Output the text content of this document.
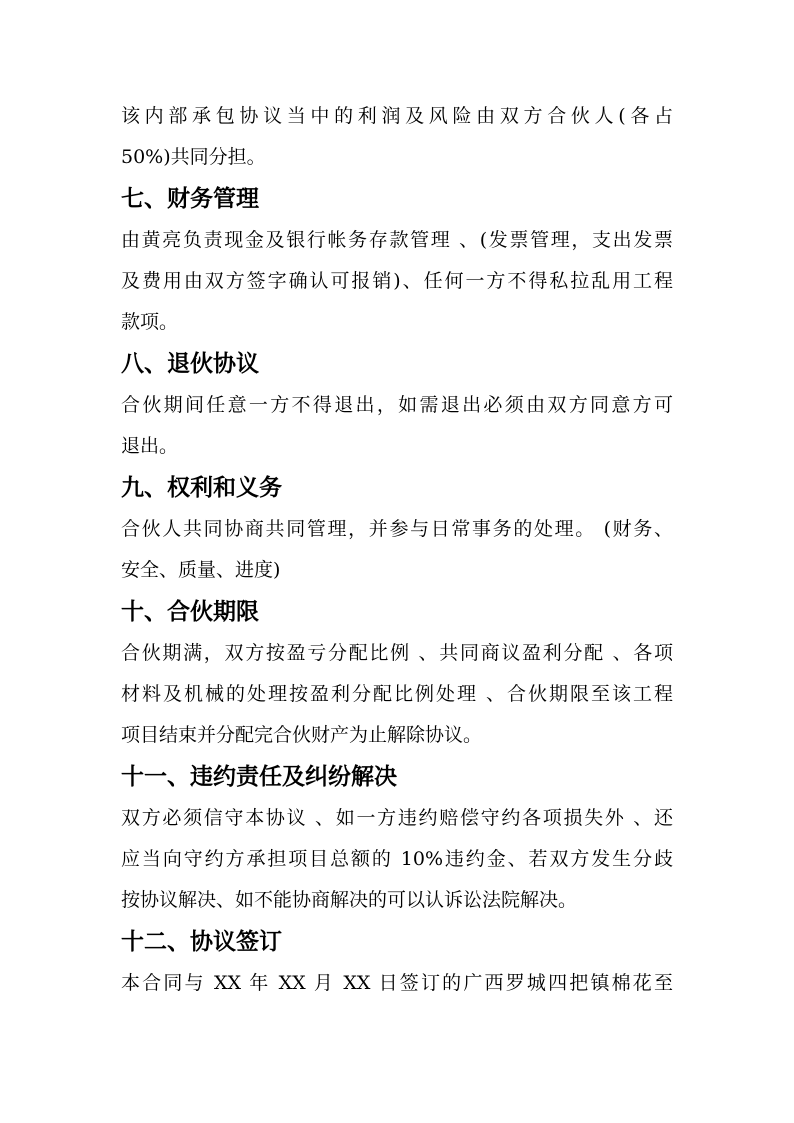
该内部承包协议当中的利润及风险由双方合伙人(各占
50%)共同分担。
七、财务管理
由黄亮负责现金及银行帐务存款管理 、(发票管理，支出发票
及费用由双方签字确认可报销)、任何一方不得私拉乱用工程
款项。
八、退伙协议
合伙期间任意一方不得退出，如需退出必须由双方同意方可
退出。
九、权利和义务
合伙人共同协商共同管理，并参与日常事务的处理。 (财务、
安全、质量、进度)
十、合伙期限
合伙期满，双方按盈亏分配比例 、共同商议盈利分配 、各项
材料及机械的处理按盈利分配比例处理 、合伙期限至该工程
项目结束并分配完合伙财产为止解除协议。
十一、违约责任及纠纷解决
双方必须信守本协议 、如一方违约赔偿守约各项损失外 、还
应当向守约方承担项目总额的 10%违约金、若双方发生分歧
按协议解决、如不能协商解决的可以认诉讼法院解决。
十二、协议签订
本合同与 XX 年 XX 月 XX 日签订的广西罗城四把镇棉花至
